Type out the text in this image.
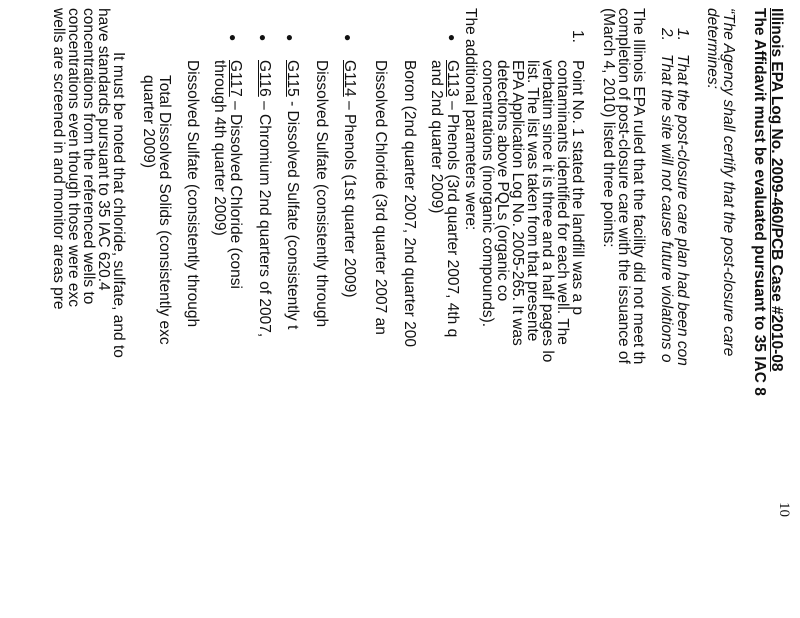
Illinois EPA Log No. 2009-460/PCB Case #2010-08
The Affidavit must be evaluated pursuant to 35 IAC 8
“The Agency shall certify that the post-closure care
determines:
1.
That the post-closure care plan had been con
2.
That the site will not cause future violations o
The Illinois EPA ruled that the facility did not meet th
completion of post-closure care with the issuance of
(March 4, 2010) listed three points:
1.
Point No. 1 stated the landfill was a p
contaminants identified for each well. The
verbatim since it is three and a half pages lo
list. The list was taken from that presente
EPA Application Log No. 2005-265. It was
detections above PQLs (organic co
concentrations (inorganic compounds).
The additional parameters were:
●
G113 – Phenols (3rd quarter 2007, 4th q
and 2nd quarter 2009)
Boron (2nd quarter 2007, 2nd quarter 200
Dissolved Chloride (3rd quarter 2007 an
●
G114 – Phenols (1st quarter 2009)
Dissolved Sulfate (consistently through
●
G115 - Dissolved Sulfate (consistently t
●
G116 – Chromium 2nd quarters of 2007,
●
G117 – Dissolved Chloride (consi
through 4th quarter 2009)
Dissolved Sulfate (consistently through
Total Dissolved Solids (consistently exc
quarter 2009)
It must be noted that chloride, sulfate, and to
have standards pursuant to 35 IAC 620.4
concentrations from the referenced wells to
concentrations even though those were exc
wells are screened in and monitor areas pre
10
